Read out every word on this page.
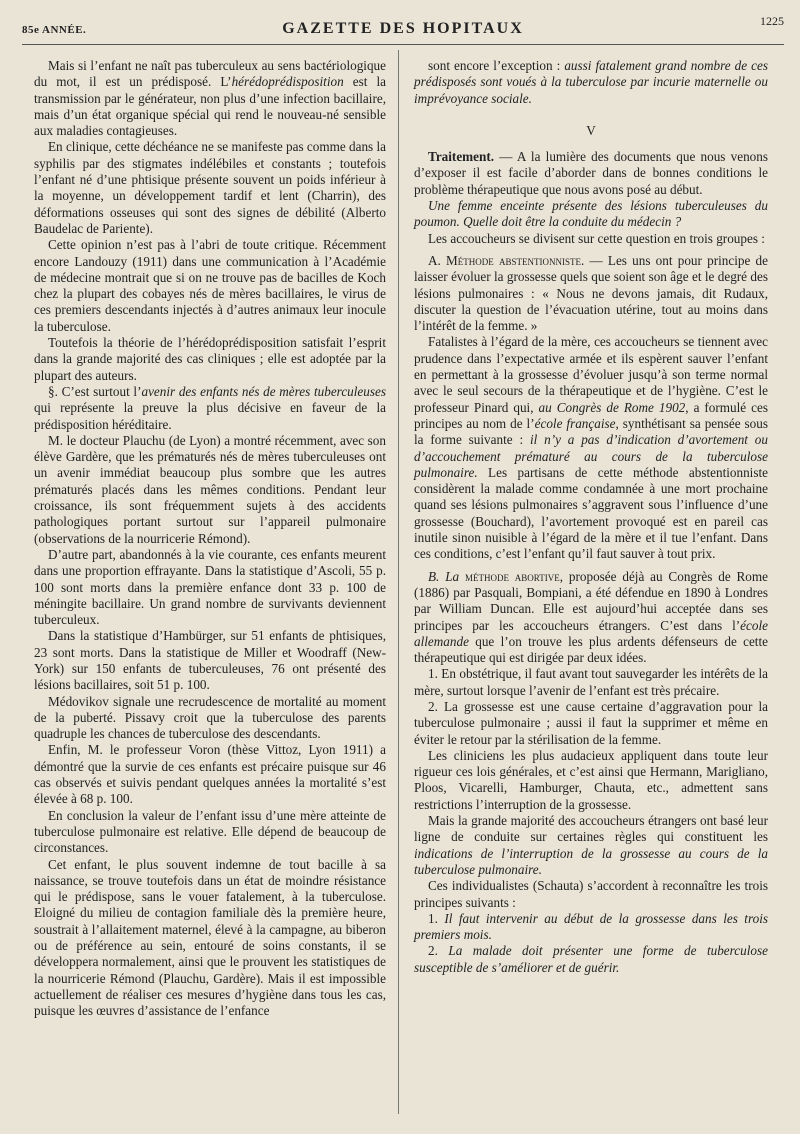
85e ANNÉE.	GAZETTE DES HOPITAUX	1225

Mais si l’enfant ne naît pas tuberculeux au sens bactériologique du mot, il est un prédisposé. L’hérédoprédisposition est la transmission par le générateur, non plus d’une infection bacillaire, mais d’un état organique spécial qui rend le nouveau-né sensible aux maladies contagieuses.

En clinique, cette déchéance ne se manifeste pas comme dans la syphilis par des stigmates indélébiles et constants ; toutefois l’enfant né d’une phtisique présente souvent un poids inférieur à la moyenne, un développement tardif et lent (Charrin), des déformations osseuses qui sont des signes de débilité (Alberto Baudelac de Pariente).

Cette opinion n’est pas à l’abri de toute critique. Récemment encore Landouzy (1911) dans une communication à l’Académie de médecine montrait que si on ne trouve pas de bacilles de Koch chez la plupart des cobayes nés de mères bacillaires, le virus de ces premiers descendants injectés à d’autres animaux leur inocule la tuberculose.

Toutefois la théorie de l’hérédoprédisposition satisfait l’esprit dans la grande majorité des cas cliniques ; elle est adoptée par la plupart des auteurs.

§. C’est surtout l’avenir des enfants nés de mères tuberculeuses qui représente la preuve la plus décisive en faveur de la prédisposition héréditaire.

M. le docteur Plauchu (de Lyon) a montré récemment, avec son élève Gardère, que les prématurés nés de mères tuberculeuses ont un avenir immédiat beaucoup plus sombre que les autres prématurés placés dans les mêmes conditions. Pendant leur croissance, ils sont fréquemment sujets à des accidents pathologiques portant surtout sur l’appareil pulmonaire (observations de la nourricerie Rémond).

D’autre part, abandonnés à la vie courante, ces enfants meurent dans une proportion effrayante. Dans la statistique d’Ascoli, 55 p. 100 sont morts dans la première enfance dont 33 p. 100 de méningite bacillaire. Un grand nombre de survivants deviennent tuberculeux.

Dans la statistique d’Hambürger, sur 51 enfants de phtisiques, 23 sont morts. Dans la statistique de Miller et Woodraff (New-York) sur 150 enfants de tuberculeuses, 76 ont présenté des lésions bacillaires, soit 51 p. 100.

Médovikov signale une recrudescence de mortalité au moment de la puberté. Pissavy croit que la tuberculose des parents quadruple les chances de tuberculose des descendants.

Enfin, M. le professeur Voron (thèse Vittoz, Lyon 1911) a démontré que la survie de ces enfants est précaire puisque sur 46 cas observés et suivis pendant quelques années la mortalité s’est élevée à 68 p. 100.

En conclusion la valeur de l’enfant issu d’une mère atteinte de tuberculose pulmonaire est relative. Elle dépend de beaucoup de circonstances.

Cet enfant, le plus souvent indemne de tout bacille à sa naissance, se trouve toutefois dans un état de moindre résistance qui le prédispose, sans le vouer fatalement, à la tuberculose. Eloigné du milieu de contagion familiale dès la première heure, soustrait à l’allaitement maternel, élevé à la campagne, au biberon ou de préférence au sein, entouré de soins constants, il se développera normalement, ainsi que le prouvent les statistiques de la nourricerie Rémond (Plauchu, Gardère). Mais il est impossible actuellement de réaliser ces mesures d’hygiène dans tous les cas, puisque les œuvres d’assistance de l’enfance

sont encore l’exception : aussi fatalement grand nombre de ces prédisposés sont voués à la tuberculose par incurie maternelle ou imprévoyance sociale.

V

Traitement. — A la lumière des documents que nous venons d’exposer il est facile d’aborder dans de bonnes conditions le problème thérapeutique que nous avons posé au début.

Une femme enceinte présente des lésions tuberculeuses du poumon. Quelle doit être la conduite du médecin ?

Les accoucheurs se divisent sur cette question en trois groupes :

A. Méthode abstentionniste. — Les uns ont pour principe de laisser évoluer la grossesse quels que soient son âge et le degré des lésions pulmonaires : « Nous ne devons jamais, dit Rudaux, discuter la question de l’évacuation utérine, tout au moins dans l’intérêt de la femme. »

Fatalistes à l’égard de la mère, ces accoucheurs se tiennent avec prudence dans l’expectative armée et ils espèrent sauver l’enfant en permettant à la grossesse d’évoluer jusqu’à son terme normal avec le seul secours de la thérapeutique et de l’hygiène. C’est le professeur Pinard qui, au Congrès de Rome 1902, a formulé ces principes au nom de l’école française, synthétisant sa pensée sous la forme suivante : il n’y a pas d’indication d’avortement ou d’accouchement prématuré au cours de la tuberculose pulmonaire. Les partisans de cette méthode abstentionniste considèrent la malade comme condamnée à une mort prochaine quand ses lésions pulmonaires s’aggravent sous l’influence d’une grossesse (Bouchard), l’avortement provoqué est en pareil cas inutile sinon nuisible à l’égard de la mère et il tue l’enfant. Dans ces conditions, c’est l’enfant qu’il faut sauver à tout prix.

B. La méthode abortive, proposée déjà au Congrès de Rome (1886) par Pasquali, Bompiani, a été défendue en 1890 à Londres par William Duncan. Elle est aujourd’hui acceptée dans ses principes par les accoucheurs étrangers. C’est dans l’école allemande que l’on trouve les plus ardents défenseurs de cette thérapeutique qui est dirigée par deux idées.

1. En obstétrique, il faut avant tout sauvegarder les intérêts de la mère, surtout lorsque l’avenir de l’enfant est très précaire.

2. La grossesse est une cause certaine d’aggravation pour la tuberculose pulmonaire ; aussi il faut la supprimer et même en éviter le retour par la stérilisation de la femme.

Les cliniciens les plus audacieux appliquent dans toute leur rigueur ces lois générales, et c’est ainsi que Hermann, Marigliano, Ploos, Vicarelli, Hamburger, Chauta, etc., admettent sans restrictions l’interruption de la grossesse.

Mais la grande majorité des accoucheurs étrangers ont basé leur ligne de conduite sur certaines règles qui constituent les indications de l’interruption de la grossesse au cours de la tuberculose pulmonaire.

Ces individualistes (Schauta) s’accordent à reconnaître les trois principes suivants :

1. Il faut intervenir au début de la grossesse dans les trois premiers mois.

2. La malade doit présenter une forme de tuberculose susceptible de s’améliorer et de guérir.
